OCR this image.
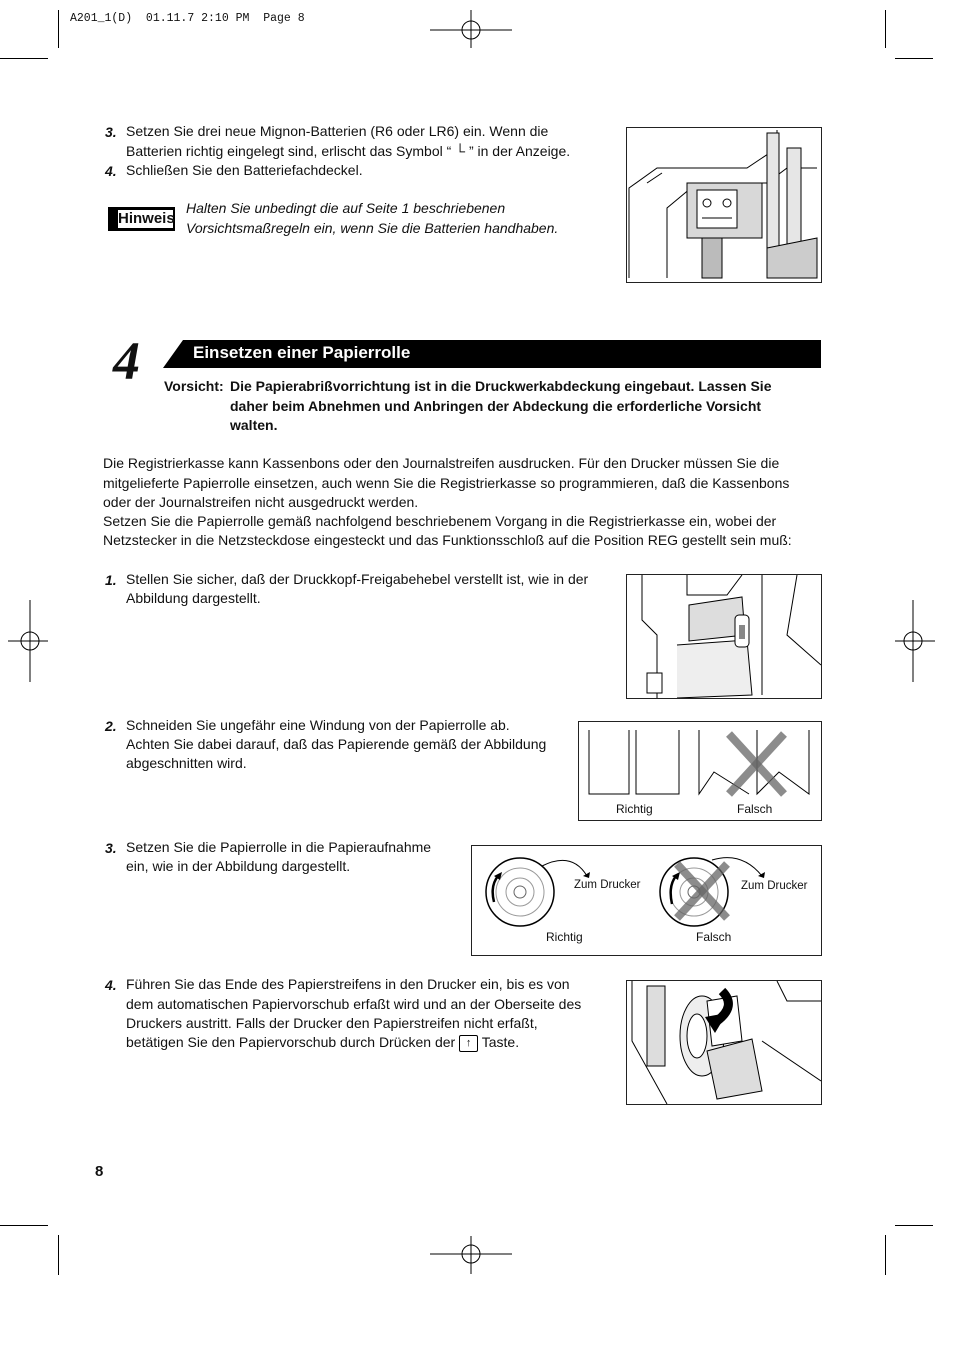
A201_1(D)  01.11.7 2:10 PM  Page 8
3. Setzen Sie drei neue Mignon-Batterien (R6 oder LR6) ein. Wenn die
Batterien richtig eingelegt sind, erlischt das Symbol “ └ ” in der Anzeige.
4. Schließen Sie den Batteriefachdeckel.
Hinweis
Halten Sie unbedingt die auf Seite 1 beschriebenen
Vorsichtsmaßregeln ein, wenn Sie die Batterien handhaben.
4	Einsetzen einer Papierrolle
Vorsicht: Die Papierabrißvorrichtung ist in die Druckwerkabdeckung eingebaut. Lassen Sie
daher beim Abnehmen und Anbringen der Abdeckung die erforderliche Vorsicht
walten.
Die Registrierkasse kann Kassenbons oder den Journalstreifen ausdrucken. Für den Drucker müssen Sie die
mitgelieferte Papierrolle einsetzen, auch wenn Sie die Registrierkasse so programmieren, daß die Kassenbons
oder der Journalstreifen nicht ausgedruckt werden.
Setzen Sie die Papierrolle gemäß nachfolgend beschriebenem Vorgang in die Registrierkasse ein, wobei der
Netzstecker in die Netzsteckdose eingesteckt und das Funktionsschloß auf die Position REG gestellt sein muß:
1. Stellen Sie sicher, daß der Druckkopf-Freigabehebel verstellt ist, wie in der
Abbildung dargestellt.
2. Schneiden Sie ungefähr eine Windung von der Papierrolle ab.
Achten Sie dabei darauf, daß das Papierende gemäß der Abbildung
abgeschnitten wird.
Richtig	Falsch
3. Setzen Sie die Papierrolle in die Papieraufnahme
ein, wie in der Abbildung dargestellt.
Zum Drucker	Zum Drucker
Richtig	Falsch
4. Führen Sie das Ende des Papierstreifens in den Drucker ein, bis es von
dem automatischen Papiervorschub erfaßt wird und an der Oberseite des
Druckers austritt. Falls der Drucker den Papierstreifen nicht erfaßt,
betätigen Sie den Papiervorschub durch Drücken der ↑ Taste.
8
